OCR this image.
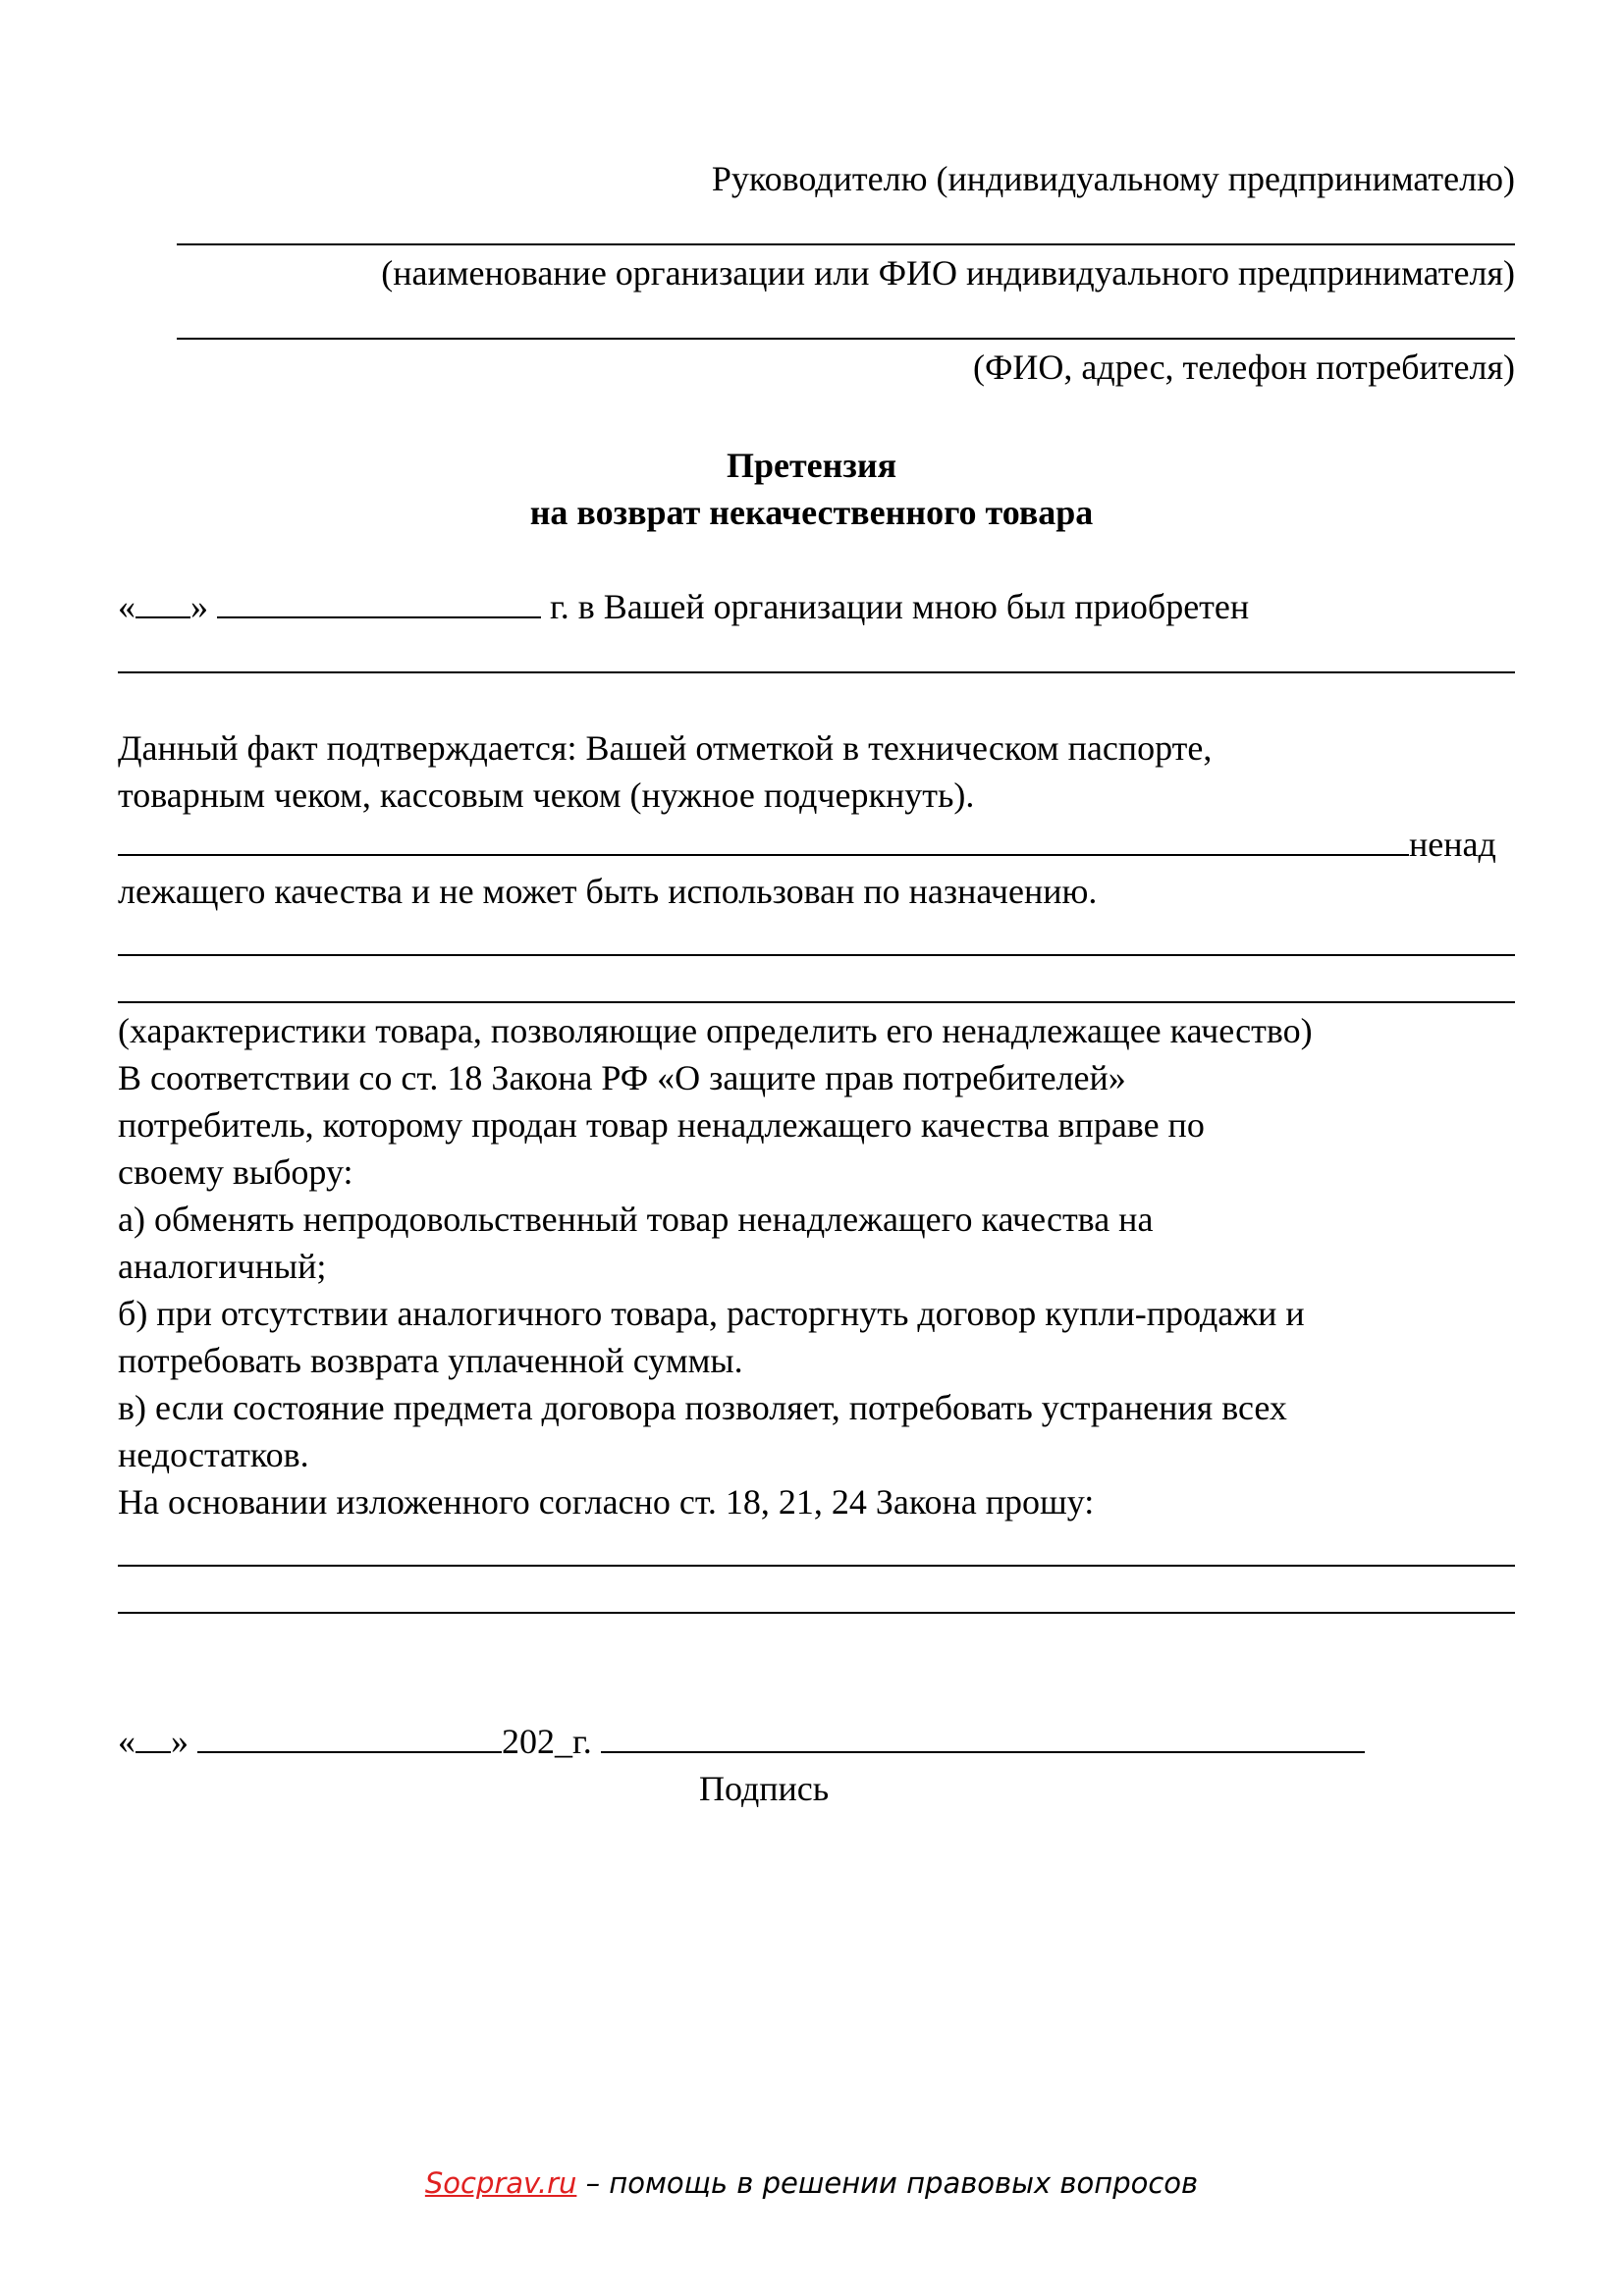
Руководителю (индивидуальному предпринимателю)
(наименование организации или ФИО индивидуального предпринимателя)
(ФИО, адрес, телефон потребителя)
Претензия
на возврат некачественного товара
« »	г. в Вашей организации мною был приобретен
Данный факт подтверждается: Вашей отметкой в техническом паспорте,
товарным чеком, кассовым чеком (нужное подчеркнуть).
ненад
лежащего качества и не может быть использован по назначению.
(характеристики товара, позволяющие определить его ненадлежащее качество)
В соответствии со ст. 18 Закона РФ «О защите прав потребителей»
потребитель, которому продан товар ненадлежащего качества вправе по
своему выбору:
а) обменять непродовольственный товар ненадлежащего качества на
аналогичный;
б) при отсутствии аналогичного товара, расторгнуть договор купли-продажи и
потребовать возврата уплаченной суммы.
в) если состояние предмета договора позволяет, потребовать устранения всех
недостатков.
На основании изложенного согласно ст. 18, 21, 24 Закона прошу:
« »	202_г.
Подпись
Socprav.ru – помощь в решении правовых вопросов
